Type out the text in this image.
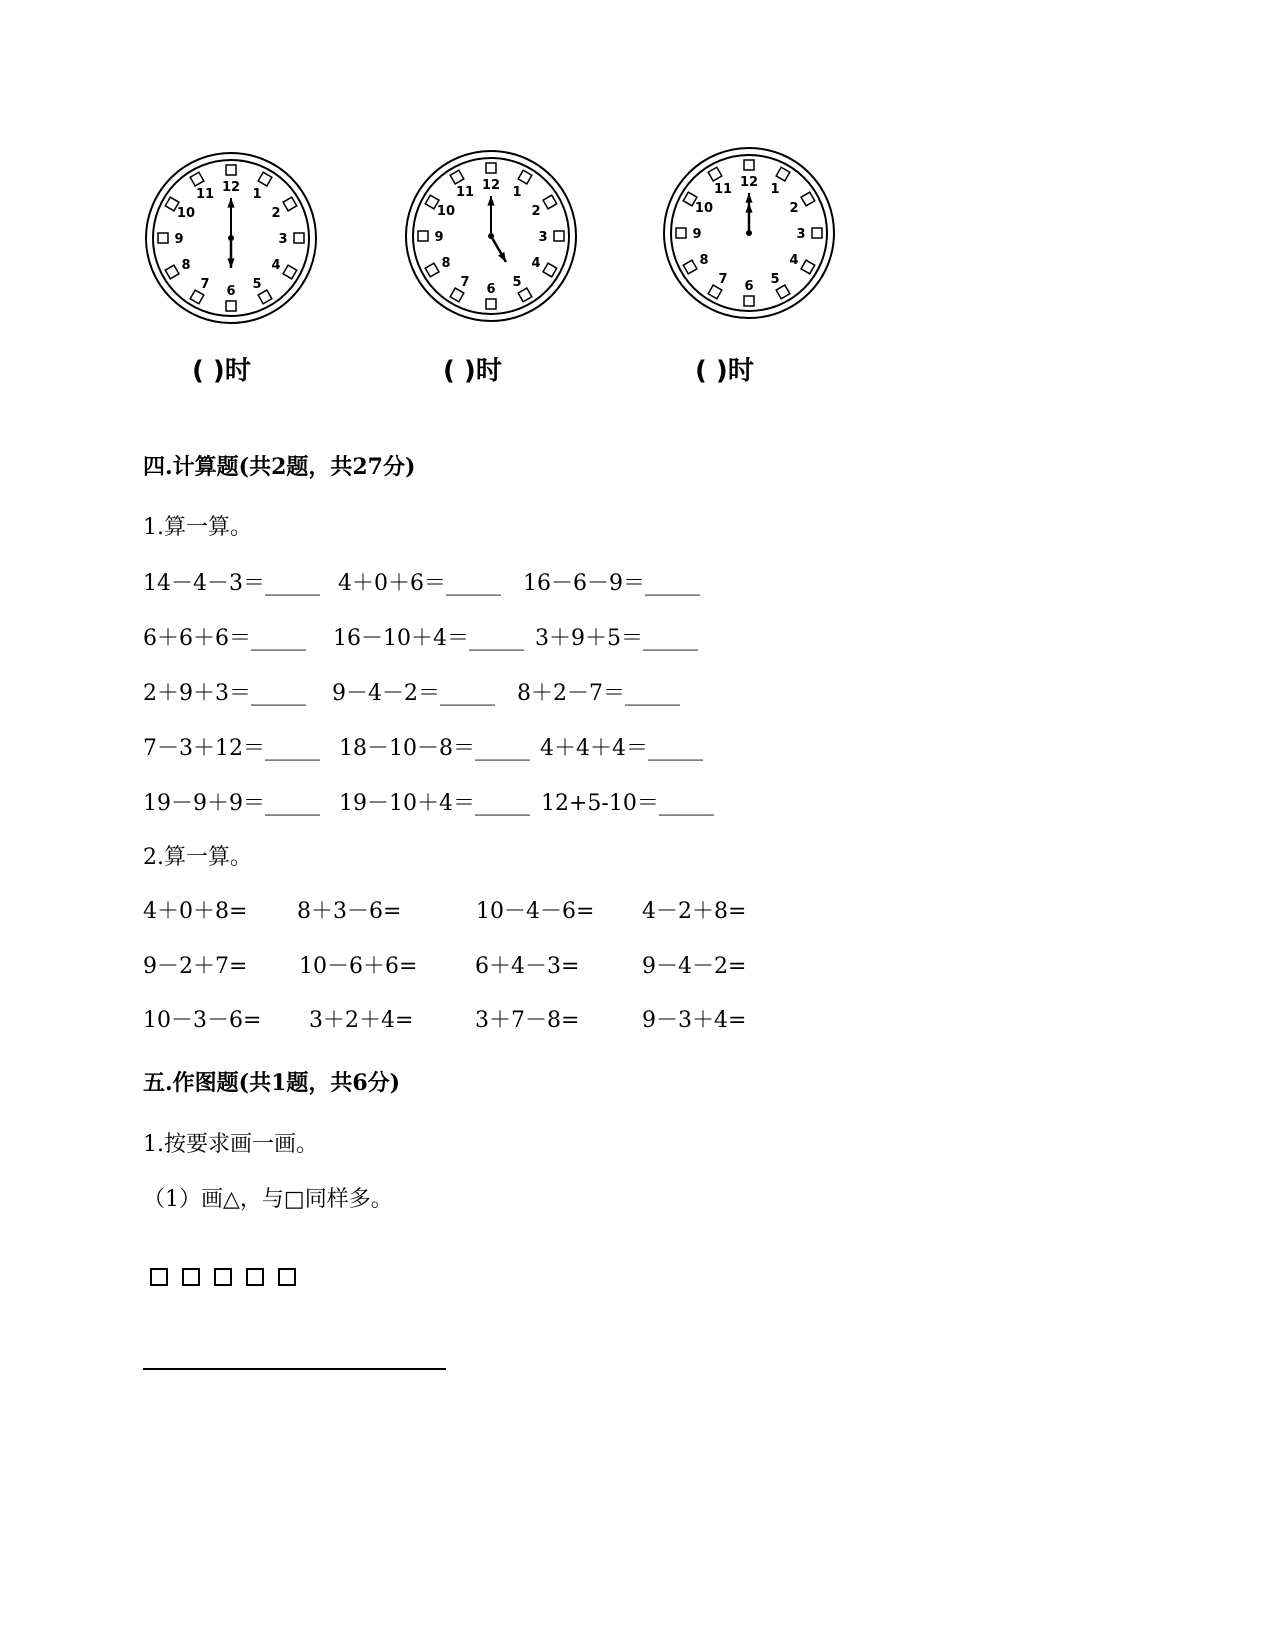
12 1
2
3
4
5
6
7
8
9
10
11
12 1
2
3
4
5
6
7
8
9
10
11
12 1
2
3
4
5
6
7
8
9
10
11
( )时	( )时	( )时
四.计算题(共2题，共27分)
1.算一算。
14－4－3＝_____ 4＋0＋6＝_____ 16－6－9＝_____
6＋6＋6＝_____ 16－10＋4＝_____ 3＋9＋5＝_____
2＋9＋3＝_____ 9－4－2＝_____ 8＋2－7＝_____
7－3＋12＝_____ 18－10－8＝_____ 4＋4＋4＝_____
19－9＋9＝_____ 19－10＋4＝_____ 12+5-10＝_____
2.算一算。
4＋0＋8= 8＋3－6=	10－4－6= 4－2＋8=
9－2＋7= 10－6＋6=	6＋4－3=	9－4－2=
10－3－6= 3＋2＋4=	3＋7－8=	9－3＋4=
五.作图题(共1题，共6分)
1.按要求画一画。
（1）画△，与□同样多。
